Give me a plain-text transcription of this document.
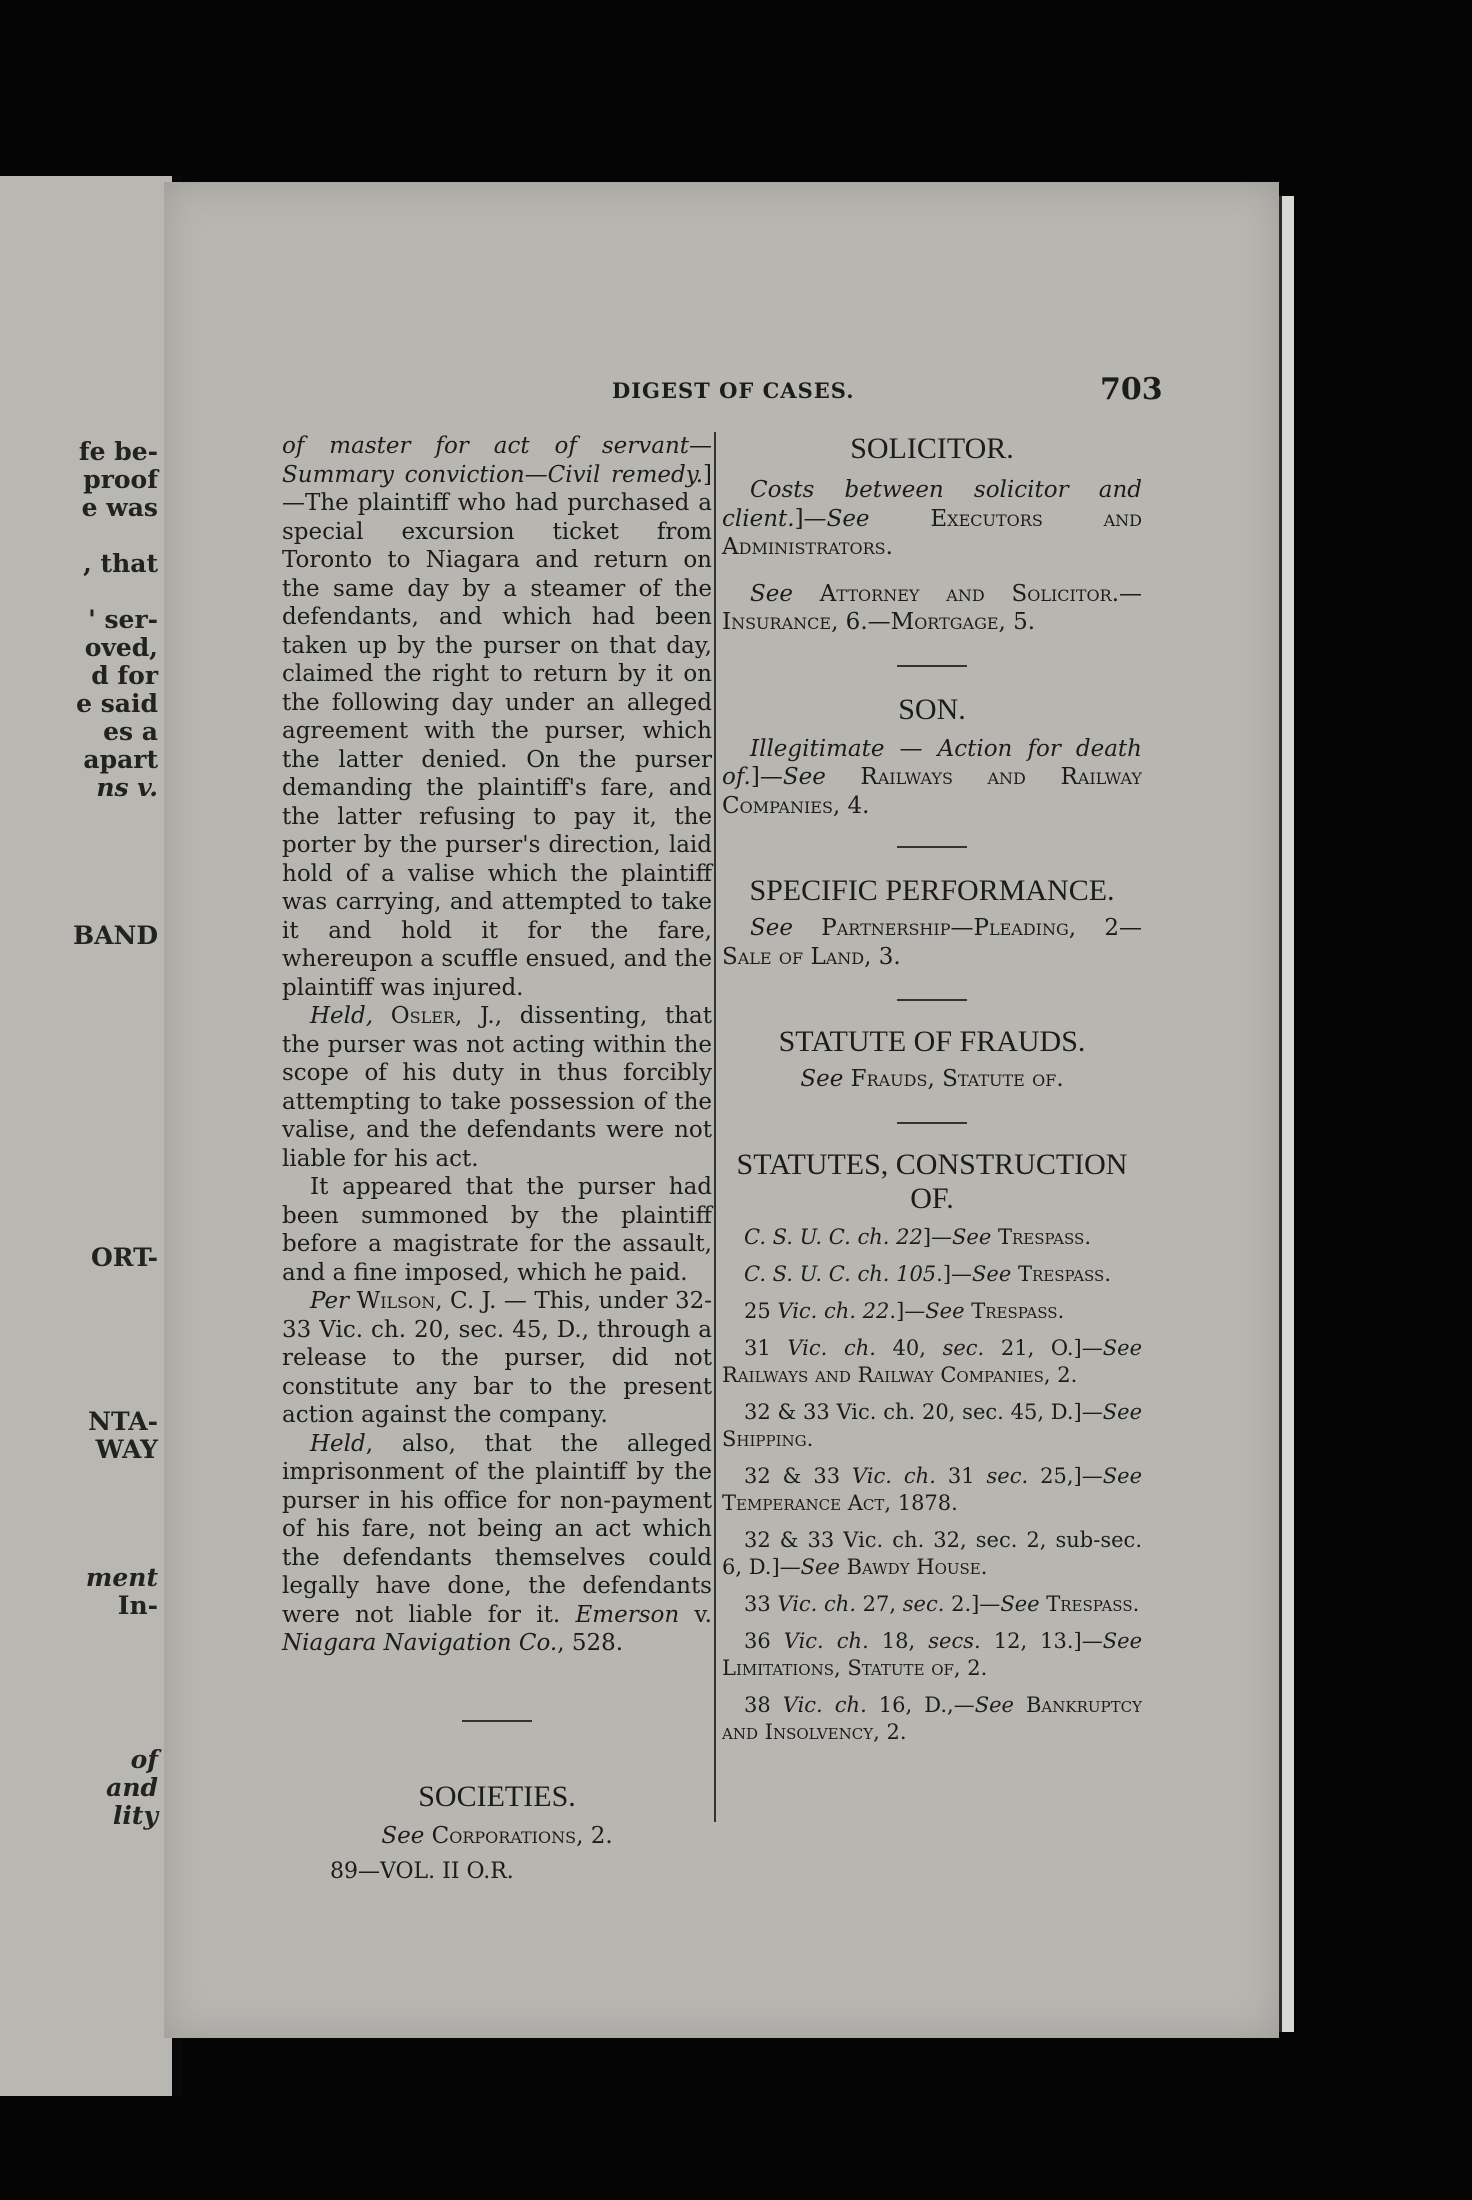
fe be-
proof
e was
, that
' ser-
oved,
d for
e said
es a
apart
ns v.
BAND
ORT-
NTA-
WAY
ment
In-
of
and
lity
DIGEST OF CASES.	703

of master for act of servant—Summary conviction—Civil remedy.]—The plaintiff who had purchased a special excursion ticket from Toronto to Niagara and return on the same day by a steamer of the defendants, and which had been taken up by the purser on that day, claimed the right to return by it on the following day under an alleged agreement with the purser, which the latter denied. On the purser demanding the plaintiff's fare, and the latter refusing to pay it, the porter by the purser's direction, laid hold of a valise which the plaintiff was carrying, and attempted to take it and hold it for the fare, whereupon a scuffle ensued, and the plaintiff was injured.

Held, Osler, J., dissenting, that the purser was not acting within the scope of his duty in thus forcibly attempting to take possession of the valise, and the defendants were not liable for his act.

It appeared that the purser had been summoned by the plaintiff before a magistrate for the assault, and a fine imposed, which he paid.

Per Wilson, C. J. — This, under 32-33 Vic. ch. 20, sec. 45, D., through a release to the purser, did not constitute any bar to the present action against the company.

Held, also, that the alleged imprisonment of the plaintiff by the purser in his office for non-payment of his fare, not being an act which the defendants themselves could legally have done, the defendants were not liable for it. Emerson v. Niagara Navigation Co., 528.

SOCIETIES.

See Corporations, 2.

89—VOL. II O.R.

SOLICITOR.

Costs between solicitor and client.]—See Executors and Administrators.

See Attorney and Solicitor.—Insurance, 6.—Mortgage, 5.

SON.

Illegitimate — Action for death of.]—See Railways and Railway Companies, 4.

SPECIFIC PERFORMANCE.

See Partnership—Pleading, 2—Sale of Land, 3.

STATUTE OF FRAUDS.

See Frauds, Statute of.

STATUTES, CONSTRUCTION
OF.

C. S. U. C. ch. 22]—See Trespass.

C. S. U. C. ch. 105.]—See Trespass.

25 Vic. ch. 22.]—See Trespass.

31 Vic. ch. 40, sec. 21, O.]—See Railways and Railway Companies, 2.

32 & 33 Vic. ch. 20, sec. 45, D.]—See Shipping.

32 & 33 Vic. ch. 31 sec. 25,]—See Temperance Act, 1878.

32 & 33 Vic. ch. 32, sec. 2, sub-sec. 6, D.]—See Bawdy House.

33 Vic. ch. 27, sec. 2.]—See Trespass.

36 Vic. ch. 18, secs. 12, 13.]—See Limitations, Statute of, 2.

38 Vic. ch. 16, D.,—See Bankruptcy and Insolvency, 2.
